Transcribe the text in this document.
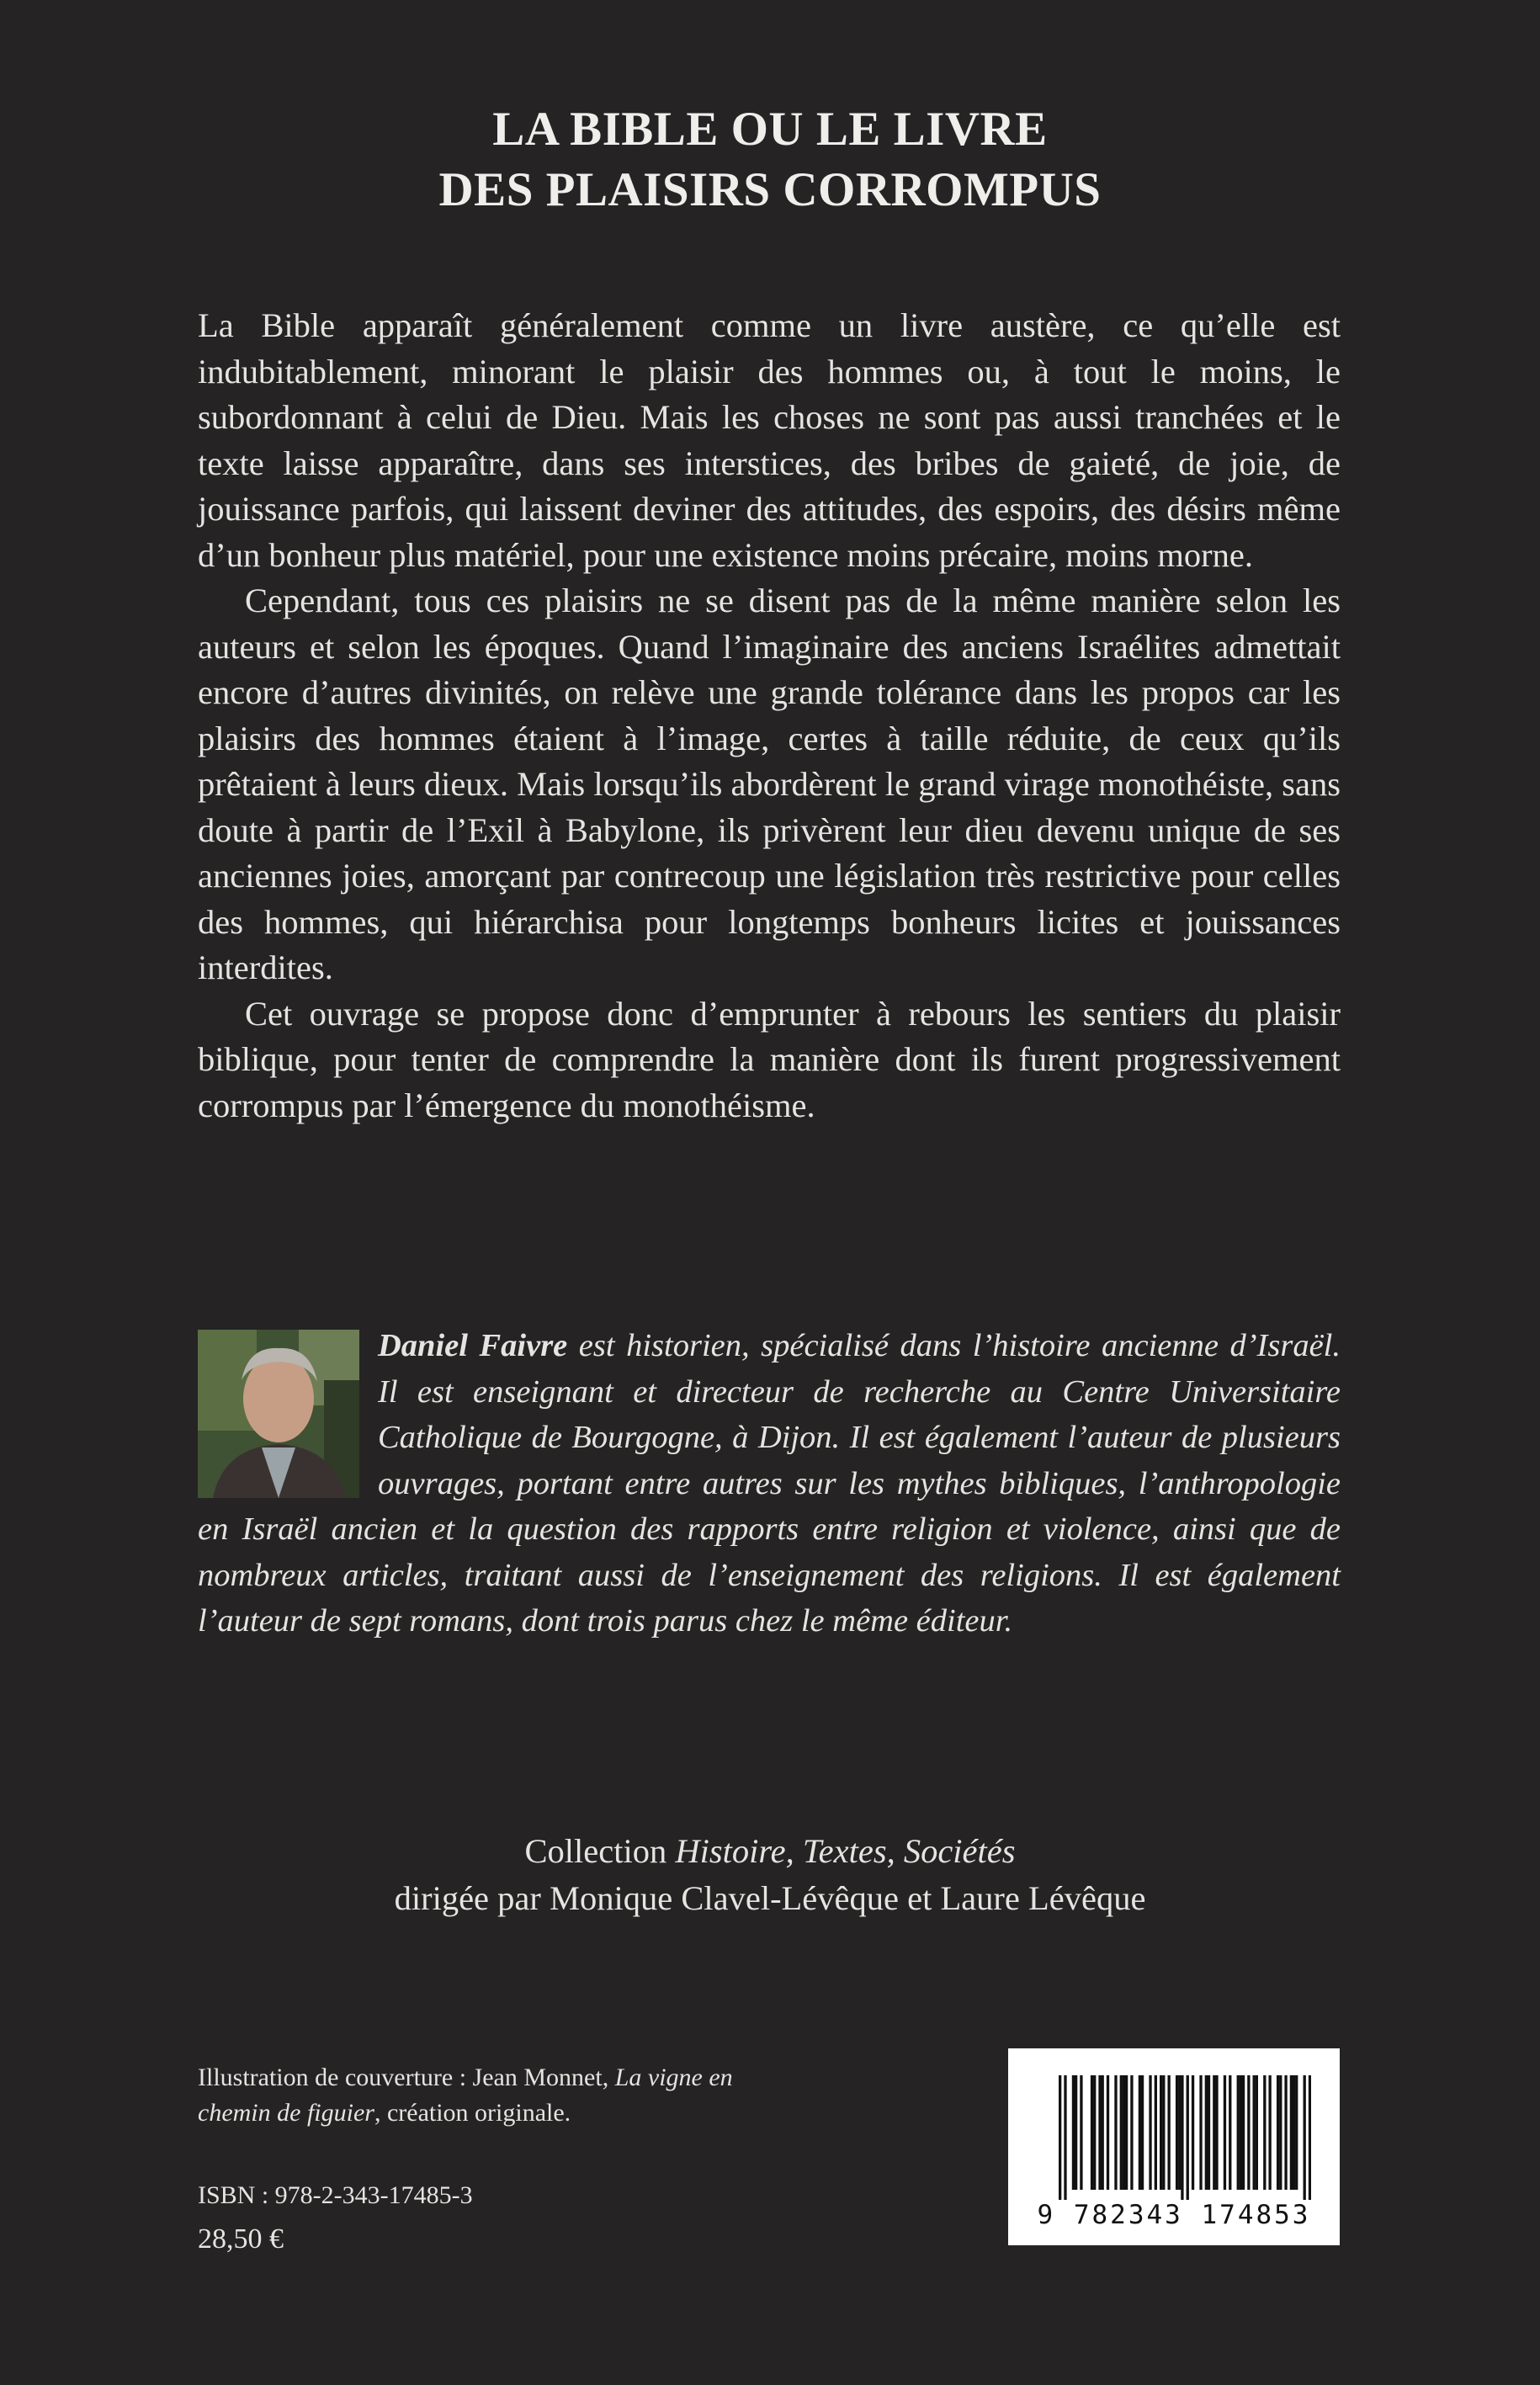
LA BIBLE OU LE LIVRE
DES PLAISIRS CORROMPUS

La Bible apparaît généralement comme un livre austère, ce qu’elle est indubitablement, minorant le plaisir des hommes ou, à tout le moins, le subordonnant à celui de Dieu. Mais les choses ne sont pas aussi tranchées et le texte laisse apparaître, dans ses interstices, des bribes de gaieté, de joie, de jouissance parfois, qui laissent deviner des attitudes, des espoirs, des désirs même d’un bonheur plus matériel, pour une existence moins précaire, moins morne.

Cependant, tous ces plaisirs ne se disent pas de la même manière selon les auteurs et selon les époques. Quand l’imaginaire des anciens Israélites admettait encore d’autres divinités, on relève une grande tolérance dans les propos car les plaisirs des hommes étaient à l’image, certes à taille réduite, de ceux qu’ils prêtaient à leurs dieux. Mais lorsqu’ils abordèrent le grand virage monothéiste, sans doute à partir de l’Exil à Babylone, ils privèrent leur dieu devenu unique de ses anciennes joies, amorçant par contrecoup une législation très restrictive pour celles des hommes, qui hiérarchisa pour longtemps bonheurs licites et jouissances interdites.

Cet ouvrage se propose donc d’emprunter à rebours les sentiers du plaisir biblique, pour tenter de comprendre la manière dont ils furent progressivement corrompus par l’émergence du monothéisme.

Daniel Faivre est historien, spécialisé dans l’histoire ancienne d’Israël. Il est enseignant et directeur de recherche au Centre Universitaire Catholique de Bourgogne, à Dijon. Il est également l’auteur de plusieurs ouvrages, portant entre autres sur les mythes bibliques, l’anthropologie en Israël ancien et la question des rapports entre religion et violence, ainsi que de nombreux articles, traitant aussi de l’enseignement des religions. Il est également l’auteur de sept romans, dont trois parus chez le même éditeur.
Collection Histoire, Textes, Sociétés
dirigée par Monique Clavel-Lévêque et Laure Lévêque
Illustration de couverture : Jean Monnet, La vigne en chemin de figuier, création originale.
ISBN : 978-2-343-17485-3
28,50 €
9 782343 174853
